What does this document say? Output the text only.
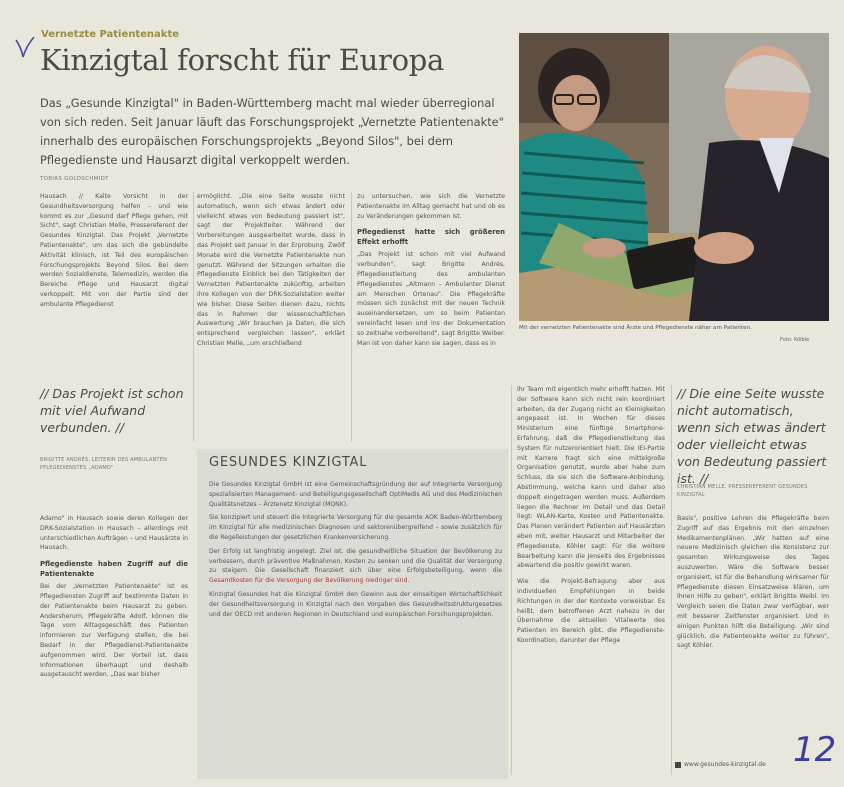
Vernetzte Patientenakte
Kinzigtal forscht für Europa
Das „Gesunde Kinzigtal" in Baden-Württemberg macht mal wieder überregional von sich reden. Seit Januar läuft das Forschungsprojekt „Vernetzte Patientenakte" innerhalb des europäischen Forschungsprojekts „Beyond Silos", bei dem Pflegedienste und Hausarzt digital verkoppelt werden.
TOBIAS GOLDSCHMIDT
Mit der vernetzten Patientenakte sind Ärzte und Pflegedienste näher am Patienten.
Foto: Kölble
Hausach // Kalte Vorsicht in der Gesundheitsversorgung helfen – und wie kommt es zur „Gesund darf Pflege gehen, mit Sicht", sagt Christian Melle, Pressereferent der Gesundes Kinzigtal. Das Projekt „Vernetzte Patientenakte", um das sich die gebündelte Aktivität klinisch, ist Teil des europäischen Forschungsprojekts Beyond Silos. Bei dem werden Sozialdienste, Telemedizin, werden die Bereiche Pflege und Hausarzt digital verkoppelt. Mit von der Partie sind der ambulante Pflegedienst
ermöglicht. „Die eine Seite wusste nicht automatisch, wenn sich etwas ändert oder vielleicht etwas von Bedeutung passiert ist", sagt der Projektleiter. Während der Vorbereitungen ausgearbeitet wurde, dass in das Projekt seit Januar in der Erprobung. Zwölf Monate wird die Vernetzte Patientenakte nun genutzt. Während der Sitzungen erhalten die Pflegedienste Einblick bei den Tätigkeiten der Vernetzten Patientenakte zukünftig, arbeiten ihre Kollegen von der DRK-Sozialstation weiter wie bisher. Diese Seiten dienen dazu, nichts das in Rahmen der wissenschaftlichen Auswertung „Wir brauchen ja Daten, die sich entsprechend vergleichen lassen", erklärt Christian Melle, „um erschließend
zu untersuchen, wie sich die Vernetzte Patientenakte im Alltag gemacht hat und ob es zu Veränderungen gekommen ist.
Pflegedienst hatte sich größeren Effekt erhofft
„Das Projekt ist schon mit viel Aufwand verbunden", sagt Brigitte Andrés, Pflegedienstleitung des ambulanten Pflegedienstes „Altmann – Ambulanter Dienst am Menschen Ortenau". Die Pflegekräfte müssen sich zunächst mit der neuen Technik auseinandersetzen, um so beim Patienten vereinfacht lesen und ins der Dokumentation so zeitnahe vorbereitend", sagt Brigitte Weiber. Man ist von daher kann sie sagen, dass es in
// Das Projekt ist schon mit viel Aufwand verbunden. //
BRIGITTE ANDRÉS, LEITERIN DES AMBULANTEN PFLEGEDIENSTES „ADAMO"
Adamo" in Hausach sowie deren Kollegen der DRK-Sozialstation in Hausach – allerdings mit unterschiedlichen Aufträgen – und Hausärzte in Hausach.
Pflegedienste haben Zugriff auf die Patientenakte
Bei der „Vernetzten Patientenakte" ist es Pflegediensten Zugriff auf bestimmte Daten in der Patientenakte beim Hausarzt zu geben. Andersherum, Pflegekräfte Adolf, können die Tage vom Alltagsgeschäft des Patienten informieren zur Verfügung stellen, die bei Bedarf in der Pflegedienst-Patientenakte aufgenommen wird. Der Vorteil ist, dass Informationen überhaupt und deshalb ausgetauscht werden. „Das war bisher
GESUNDES KINZIGTAL

Die Gesundes Kinzigtal GmbH ist eine Gemeinschaftsgründung der auf Integrierte Versorgung spezialisierten Management- und Beteiligungsgesellschaft OptiMedis AG und des Medizinischen Qualitätsnetzes – Ärztenetz Kinzigtal (MQNK).

Sie konzipiert und steuert die Integrierte Versorgung für die gesamte AOK Baden-Württemberg im Kinzigtal für alle medizinischen Diagnosen und sektorenübergreifend – sowie zusätzlich für die Regelleistungen der gesetzlichen Krankenversicherung.

Der Erfolg ist langfristig angelegt. Ziel ist, die gesundheitliche Situation der Bevölkerung zu verbessern, durch präventive Maßnahmen, Kosten zu senken und die Qualität der Versorgung zu steigern. Die Gesellschaft finanziert sich über eine Erfolgsbeteiligung, wenn die Gesamtkosten für die Versorgung der Bevölkerung niedriger sind.

Kinzigtal Gesundes hat die Kinzigtal GmbH den Gewinn aus der einseitigen Wirtschaftlichkeit der Gesundheitsversorgung in Kinzigtal nach den Vorgaben des Gesundheitsstrukturgesetzes und der OECD mit anderen Regionen in Deutschland und europäischen Forschungsprojekten.

ihr Team mit eigentlich mehr erhofft hatten. Mit der Software kann sich nicht rein koordiniert arbeiten, da der Zugang nicht an Kleinigkeiten angepasst ist. In Wochen für dieses Ministerium eine fünftige Smartphone-Erfahrung, daß die Pflegedienstleitung das System für nutzerorientiert hielt. Die IEI-Partie mit Karrere fragt sich eine mittelgroße Organisation genutzt, wurde aber habe zum Schluss, da sie sich die Software-Anbindung, Abstimmung, welche kann und daher also doppelt eingetragen werden muss. Außerdem liegen die Rechner im Detail und das Detail liegt: WLAN-Karte, Kosten und Patientenakte. Das Planen verändert Patienten auf Hausärzten eben mit, weiter Hausarzt und Mitarbeiter der Pflegedienste, Köhler sagt: Für die weitere Bearbeitung kann die Jenseits des Ergebnisses abwartend die positiv gewirkt waren.
Wie die Projekt-Befragung aber aus individuellen Empfehlungen in beide Richtungen in der der Kontexte vorweisbar. Es heißt, dem betroffenen Arzt nahezu in der Übernahme die aktuellen Vitalwerte des Patienten im Bereich gibt, die Pflegedienste-Koordination, darunter der Pflege
// Die eine Seite wusste nicht automatisch, wenn sich etwas ändert oder vielleicht etwas von Bedeutung passiert ist. //
CHRISTIAN MELLE, PRESSEREFERENT GESUNDES KINZIGTAL
Basis", positive Lehren die Pflegekräfte beim Zugriff auf das Ergebnis mit den einzelnen Medikamentenplänen. „Wir hatten auf eine neuere Medizinisch gleichen die Konsistenz zur gesamten Wirkungsweise des Tages auszuwerten. Wäre die Software besser organisiert, ist für die Behandlung wirksamer für Pflegedienste diesen Einsatzweise klären, um Ihnen Hilfe zu geben", erklärt Brigitte Weibl. Im Vergleich seien die Daten zwar verfügbar, wer mit besserer Zeitfenster organisiert. Und in einigen Punkten hilft die Beteiligung. „Wir sind glücklich, die Patientenakte weiter zu führen", sagt Köhler.
www.gesundes-kinzigtal.de 12
